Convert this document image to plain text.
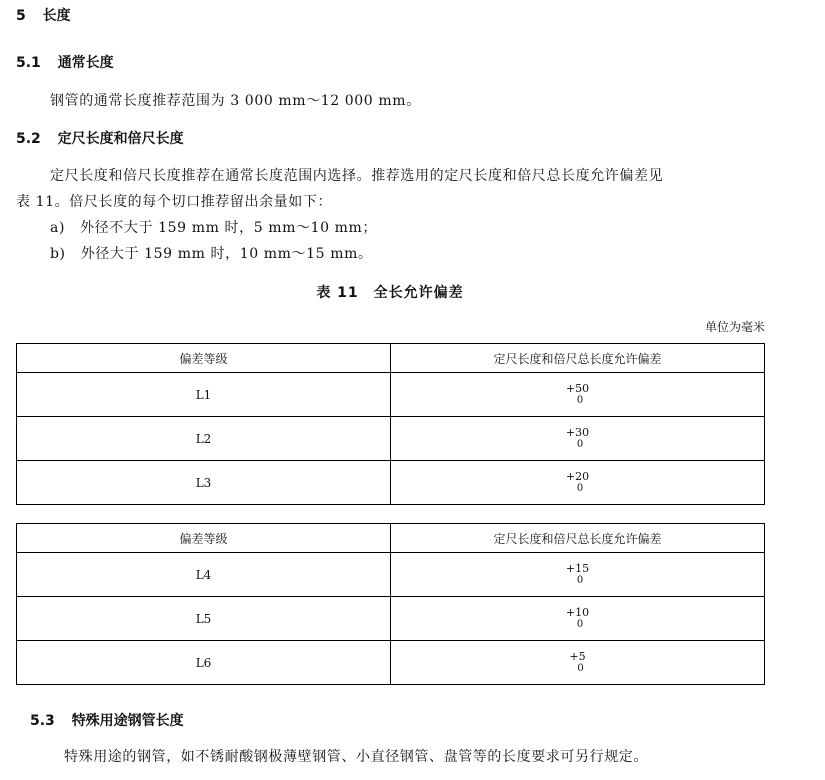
5 长度
5.1 通常长度
钢管的通常长度推荐范围为 3 000 mm～12 000 mm。
5.2 定尺长度和倍尺长度
定尺长度和倍尺长度推荐在通常长度范围内选择。推荐选用的定尺长度和倍尺总长度允许偏差见
表 11。倍尺长度的每个切口推荐留出余量如下：
a) 外径不大于 159 mm 时，5 mm～10 mm；
b) 外径大于 159 mm 时，10 mm～15 mm。
表 11　全长允许偏差
单位为毫米
偏差等级	定尺长度和倍尺总长度允许偏差
L1	+50
0

L2	+30
0

L3	+20
0
偏差等级	定尺长度和倍尺总长度允许偏差
L4	+15
0

L5	+10
0

L6	+5
0
5.3 特殊用途钢管长度
特殊用途的钢管，如不锈耐酸钢极薄壁钢管、小直径钢管、盘管等的长度要求可另行规定。
